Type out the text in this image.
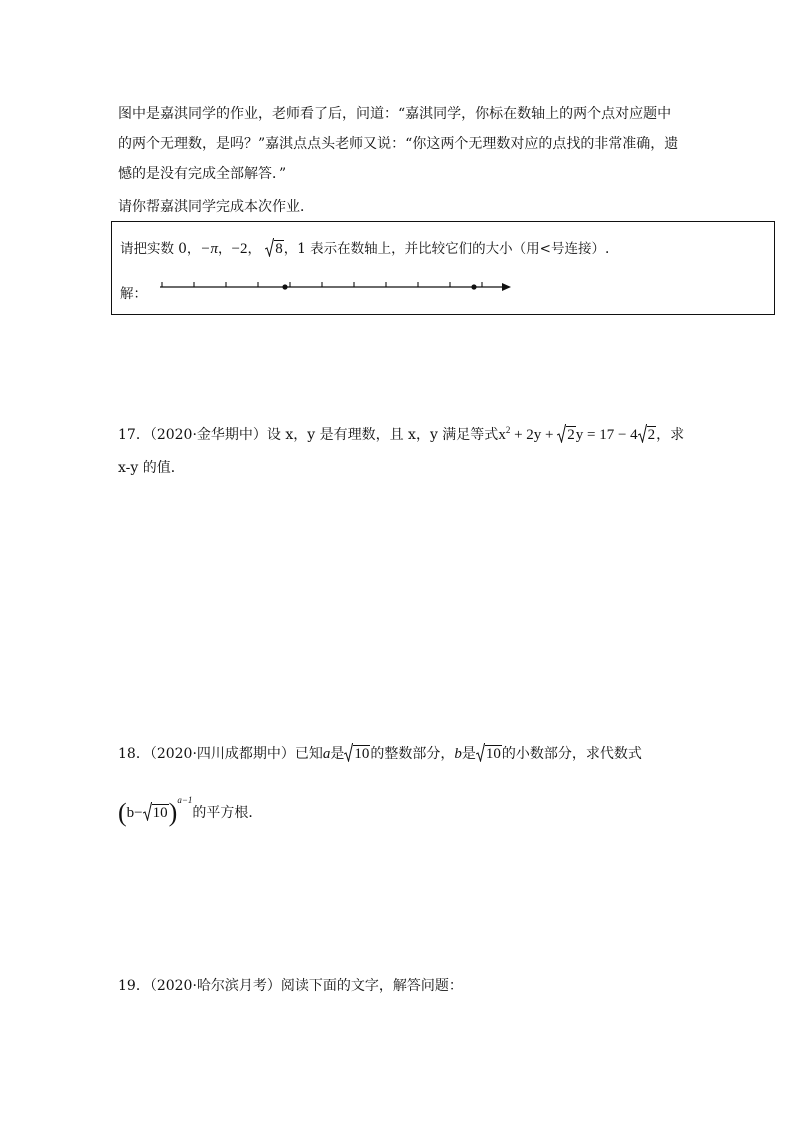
图中是嘉淇同学的作业，老师看了后，问道：“嘉淇同学，你标在数轴上的两个点对应题中
的两个无理数，是吗？”嘉淇点点头老师又说：“你这两个无理数对应的点找的非常准确，遗
憾的是没有完成全部解答．”
请你帮嘉淇同学完成本次作业．
请把实数 0，−π，−2， 8，1 表示在数轴上，并比较它们的大小（用<号连接）.
解：
17．（2020·金华期中）设 x，y 是有理数，且 x，y 满足等式$x^2 + 2y$ +
2y = 17 − 4 2，求
x-y 的值．
18．（2020·四川成都期中）已知a是 10的整数部分，b是 10的小数部分，求代数式
$(b- 10)^{a-1}$的平方根．
19．（2020·哈尔滨月考）阅读下面的文字，解答问题：
